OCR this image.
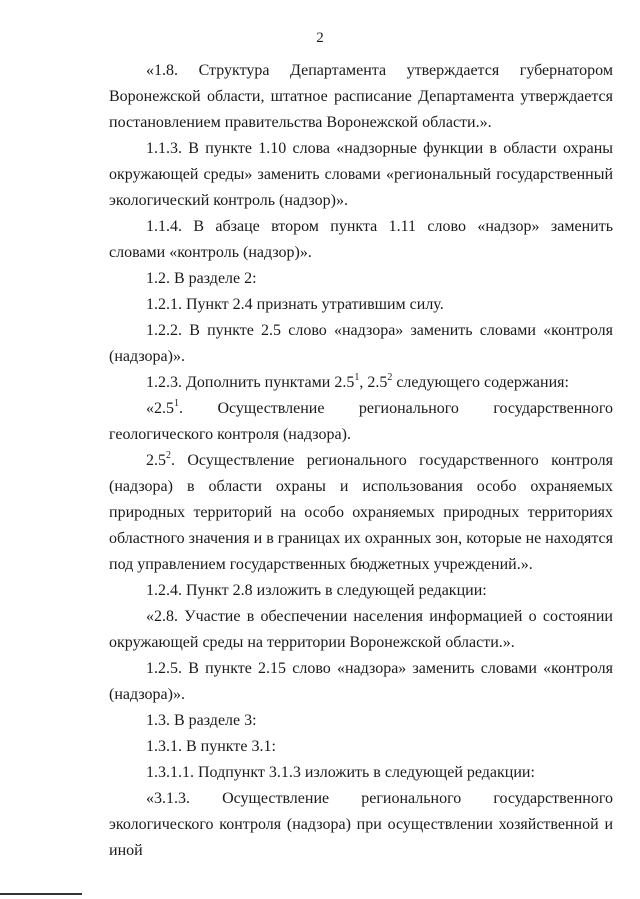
2

«1.8. Структура Департамента утверждается губернатором Воронежской области, штатное расписание Департамента утверждается постановлением правительства Воронежской области.».

1.1.3. В пункте 1.10 слова «надзорные функции в области охраны окружающей среды» заменить словами «региональный государственный экологический контроль (надзор)».

1.1.4. В абзаце втором пункта 1.11 слово «надзор» заменить словами «контроль (надзор)».

1.2. В разделе 2:

1.2.1. Пункт 2.4 признать утратившим силу.

1.2.2. В пункте 2.5 слово «надзора» заменить словами «контроля (надзора)».

1.2.3. Дополнить пунктами $2.5^1$, $2.5^2$ следующего содержания:

«$2.5^1$. Осуществление регионального государственного геологического контроля (надзора).

$2.5^2$. Осуществление регионального государственного контроля (надзора) в области охраны и использования особо охраняемых природных территорий на особо охраняемых природных территориях областного значения и в границах их охранных зон, которые не находятся под управлением государственных бюджетных учреждений.».

1.2.4. Пункт 2.8 изложить в следующей редакции:

«2.8. Участие в обеспечении населения информацией о состоянии окружающей среды на территории Воронежской области.».

1.2.5. В пункте 2.15 слово «надзора» заменить словами «контроля (надзора)».

1.3. В разделе 3:

1.3.1. В пункте 3.1:

1.3.1.1. Подпункт 3.1.3 изложить в следующей редакции:

«3.1.3. Осуществление регионального государственного экологического контроля (надзора) при осуществлении хозяйственной и иной
